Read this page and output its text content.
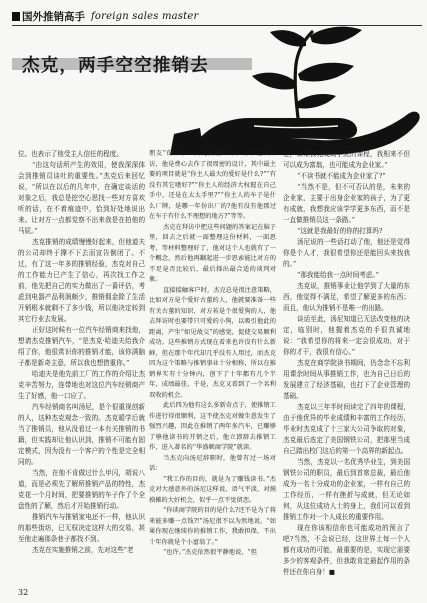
国外推销高手 foreign sales master
杰克，两手空空推销去

位。也表示了他受主人信任的程度。

“由这句话所产生的效用，使我深深体会到推销员谈吐的重要性。”杰克后来回忆说，“所以在以后的几年中，在确定谈话的对象之后，我总是挖空心思找一些对方喜欢听的话，在不着痕迹中，恰到好处地说出来。让对方一点都觉察不出来我是在拍他的马屁。”

杰克推销的成绩慢慢好起来，但他道夫的公司却终于撑不下去而宣告倒闭了。不过，有了这一年多的推销经验，杰克对自己的工作能力已产生了信心，再次找工作之前，他先把自己的实力做出了一番评估，考虑到电器产品利润颇少，推销佣金除了生活开销根本就剩不了多少钱，所以他决定转到其它行业去发展。

正好这时候有一位汽车经销商来找他，想请杰克推销汽车，“是杰克·哈迪夫给我介绍了你，他很赏识你的推销才能，该你满脑子都是新奇主意，所以我也想借重你。”

哈迪夫是他先前工厂的工作的介绍让杰克辛苦努力，连带地也对这位汽车经销商产生了好感，他一口应了。

汽车经销商名叫汤尼，是个很重视创新的人，这种杰克观念一致的。杰克暖学后就当了推销员，他从没看过一本有关推销的书籍，但实践却让他认识到，推销不可能有固定模式，因为没有一个客户的个性是完全相同的。

当然，在他不肯做过什么甲闪，胡说八道，而是必须先了解所推销产品的特性，杰克花一个月时间，把要推销的车子作了个全盘性的了解，然后才开始推销行动。

推销汽车与推销家电还不一样，他认识的那些街坊，已无权决定这样大的交易，甚至他走遍那条巷子都找不到。

杰克在实施推销之前，先对这些“老

朋友”们作了一次礼貌性拜访。为了这次拜访，他是费心去作了很周密的设计，其中最主要的项目就是“你主人最大的爱好是什么?”“有没有其它嗜好?”“你主人的经济大权握在自己手中，还是在太太手里?”“你主人的车子是什么厂牌，是哪一年份出厂的?他有没有他那过在车子有什么不理想的地方?”等等。

杰克在拜访中把这些问题的答案记在脑子里，回去之后就一面整理这份材料，一面思考，等材料整理好了，他对这个人也就有了一个概念，然后他再翻起进一步思索能比对方的不足是否比较后，最后择出最合适的谈判对象。

直接接触客户时，杰克总是很注意策略，比如对方是个爱好古董的人，他就要准备一些有关古董的知识，对方若是个很爱狗的人，他去拜访时也要带只可爱的小狗，以吸引他此的距离，产生“如见故交”的感觉，促使交易顺利成功。这些推销方式现在看来也许没有什么新鲜，但在那个年代却几乎没有人用过，而杰克因为这个策略与推销事业十分相称，所以在推销界实有十分钟内，创下了十年都有几个半年，成绩最佳，于是，杰克又看到了一个名利双收的机会。

此后四为他有这么多新奇点子，使推销工作进行得很顺利，这不使杰克对做生意发生了强烈兴趣，因此在推销了两年多汽车，已赚够了够他读书的开销之后，他立即辞去推销工作，进入著名的“华盛顿商学院”就读。

当杰克向汤尼辞职时，他曾有过一场对话：

“我工作的目的，就是为了赚钱读书。”杰克对大感意外的汤尼这样说，语气平淡，对摸摸摊的大好机会，似乎一点不觉留恋。

“你读商学院的目的是什么?还不是为了将来能多赚一点钱?!”汤尼很不以为然地说，“如果你现在继续你的推销工作，我敢担保，不出十年你就是个小富翁了。”

“也许。”杰克依然很平静地说，“但

是，如果我完成商学院的课程，我相来不但可以成为富翁，也可能成为企业家。”

“不读书就不能成为企业家了?”

“当然不是，但不可否认的是，未来的企业家，主要于出身企业家的孩子，为了更有成就，我想我应该学学更多东西，而不是一直做推销员这一条路。”

“这就是我最好的你的打算吗?

汤尼说的一些话打动了他，他还是觉得你是个人才，我很希望你还是能回头来找我的。”

“那我能给我一点时间考虑。”

杰克说，推销事业让他学到了大量的东西，他觉得不满足，希望了解更多的东西；而且，他认为推销不是唯一的出路。

谈话至此，汤尼知道已无法改变他的决定，临别时，他握着杰克的手很真诚地说：“我希望你的将来一定会很成功，对于你的才干，我很有信心。”

杰克在商学院读书期间，仍念念不忘利用课余时间从事推销工作，也为自己日后的发展建立了经济基础，也打下了企业管理的基础。

杰克以三年半时间读完了四年的课程，由于他优异的毕业成绩和丰富的工作经历，毕业时杰克成了十三家大公司争取的对象，杰克最后选定了美国钢铁公司，把那里当成自己踏出校门这后的第一个高界的新起点。

当然，杰克以一名优秀毕业生，到美国钢铁公司的职员，最后到首席总裁，最后他成为一名十分成功的企业家，一样有自己的工作经历，一样有挫折与成就，但无论如何，从这位成功人士的身上，我们可以看到推销工作对一个人成长的重要作用。

现在你该相信你也可能成功的预言了吧?当然，不会说已经，这世界上每一个人都有成功的可能，最重要的是，实现它需要多少的客观条件，但我敢肯定最起作用的条件还在你自身！■

32
